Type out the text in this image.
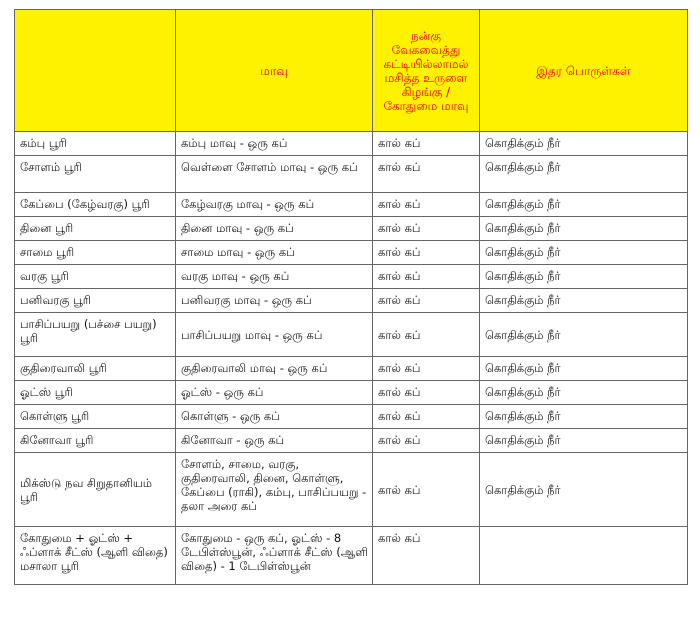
	மாவு	நன்கு வேகவைத்து கட்டியில்லாமல் மசித்த உருளை கிழங்கு / கோதுமை மாவு	இதர பொருள்கள்
கம்பு பூரி	கம்பு மாவு - ஒரு கப்	கால் கப்	கொதிக்கும் நீர்
சோளம் பூரி	வெள்ளை சோளம் மாவு - ஒரு கப்	கால் கப்	கொதிக்கும் நீர்
கேப்பை (கேழ்வரகு) பூரி	கேழ்வரகு மாவு - ஒரு கப்	கால் கப்	கொதிக்கும் நீர்
தினை பூரி	தினை மாவு - ஒரு கப்	கால் கப்	கொதிக்கும் நீர்
சாமை பூரி	சாமை மாவு - ஒரு கப்	கால் கப்	கொதிக்கும் நீர்
வரகு பூரி	வரகு மாவு - ஒரு கப்	கால் கப்	கொதிக்கும் நீர்
பனிவரகு பூரி	பனிவரகு மாவு - ஒரு கப்	கால் கப்	கொதிக்கும் நீர்
பாசிப்பயறு (பச்சை பயறு) பூரி	பாசிப்பயறு மாவு - ஒரு கப்	கால் கப்	கொதிக்கும் நீர்
குதிரைவாலி பூரி	குதிரைவாலி மாவு - ஒரு கப்	கால் கப்	கொதிக்கும் நீர்
ஓட்ஸ் பூரி	ஓட்ஸ் - ஒரு கப்	கால் கப்	கொதிக்கும் நீர்
கொள்ளு பூரி	கொள்ளு - ஒரு கப்	கால் கப்	கொதிக்கும் நீர்
கினோவா பூரி	கினோவா - ஒரு கப்	கால் கப்	கொதிக்கும் நீர்
மிக்ஸ்டு நவ சிறுதானியம் பூரி	சோளம், சாமை, வரகு, குதிரைவாலி, தினை, கொள்ளு, கேப்பை (ராகி), கம்பு, பாசிப்பயறு - தலா அரை கப்	கால் கப்	கொதிக்கும் நீர்
கோதுமை + ஓட்ஸ் + ஃப்ளாக் சீட்ஸ் (ஆளி விதை) மசாலா பூரி	கோதுமை - ஒரு கப், ஓட்ஸ் - 8 டேபிள்ஸ்பூன், ஃப்ளாக் சீட்ஸ் (ஆளி விதை) - 1 டேபிள்ஸ்பூன்	கால் கப்	
